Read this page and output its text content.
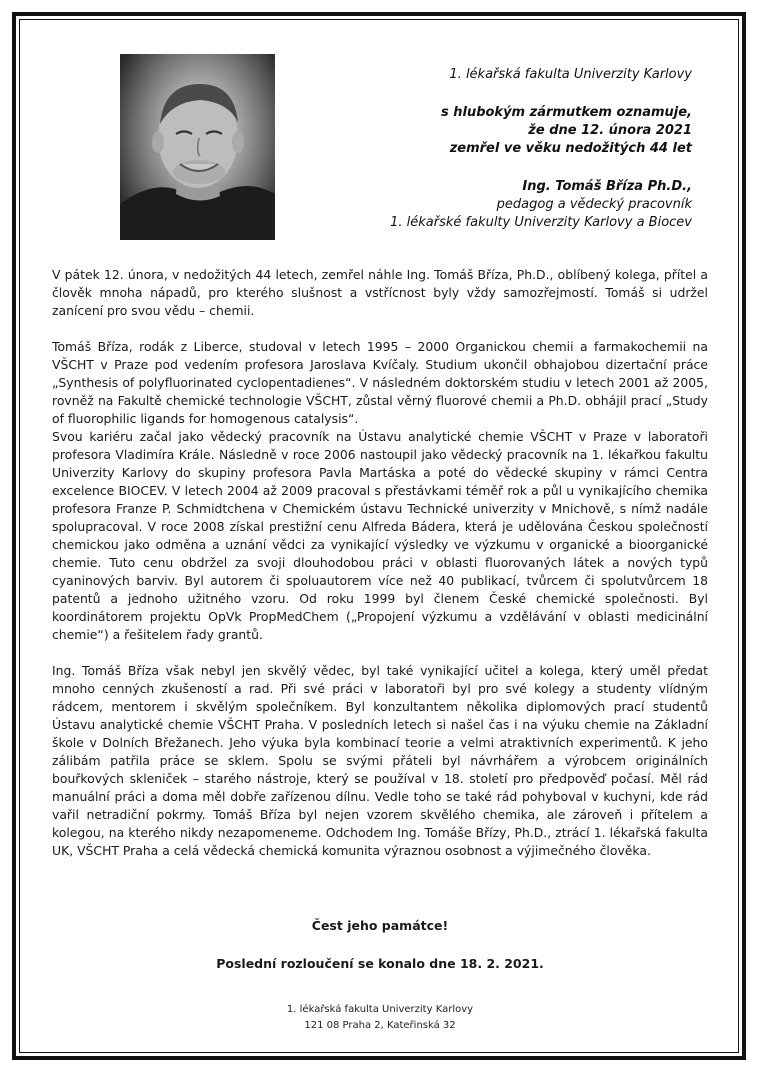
1. lékařská fakulta Univerzity Karlovy
s hlubokým zármutkem oznamuje,
že dne 12. února 2021
zemřel ve věku nedožitých 44 let
Ing. Tomáš Bříza Ph.D.,
pedagog a vědecký pracovník
1. lékařské fakulty Univerzity Karlovy a Biocev

V pátek 12. února, v nedožitých 44 letech, zemřel náhle Ing. Tomáš Bříza, Ph.D., oblíbený kolega, přítel a člověk mnoha nápadů, pro kterého slušnost a vstřícnost byly vždy samozřejmostí. Tomáš si udržel zanícení pro svou vědu – chemii.

Tomáš Bříza, rodák z Liberce, studoval v letech 1995 – 2000 Organickou chemii a farmakochemii na VŠCHT v Praze pod vedením profesora Jaroslava Kvíčaly. Studium ukončil obhajobou dizertační práce „Synthesis of polyfluorinated cyclopentadienes“. V následném doktorském studiu v letech 2001 až 2005, rovněž na Fakultě chemické technologie VŠCHT, zůstal věrný fluorové chemii a Ph.D. obhájil prací „Study of fluorophilic ligands for homogenous catalysis“.

Svou kariéru začal jako vědecký pracovník na Ústavu analytické chemie VŠCHT v Praze v laboratoři profesora Vladimíra Krále. Následně v roce 2006 nastoupil jako vědecký pracovník na 1. lékařkou fakultu Univerzity Karlovy do skupiny profesora Pavla Martáska a poté do vědecké skupiny v rámci Centra excelence BIOCEV. V letech 2004 až 2009 pracoval s přestávkami téměř rok a půl u vynikajícího chemika profesora Franze P. Schmidtchena v Chemickém ústavu Technické univerzity v Mnichově, s nímž nadále spolupracoval. V roce 2008 získal prestižní cenu Alfreda Bádera, která je udělována Českou společností chemickou jako odměna a uznání vědci za vynikající výsledky ve výzkumu v organické a bioorganické chemie. Tuto cenu obdržel za svoji dlouhodobou práci v oblasti fluorovaných látek a nových typů cyaninových barviv. Byl autorem či spoluautorem více než 40 publikací, tvůrcem či spolutvůrcem 18 patentů a jednoho užitného vzoru. Od roku 1999 byl členem České chemické společnosti. Byl koordinátorem projektu OpVk PropMedChem („Propojení výzkumu a vzdělávání v oblasti medicinální chemie“) a řešitelem řady grantů.

Ing. Tomáš Bříza však nebyl jen skvělý vědec, byl také vynikající učitel a kolega, který uměl předat mnoho cenných zkušeností a rad. Při své práci v laboratoři byl pro své kolegy a studenty vlídným rádcem, mentorem i skvělým společníkem. Byl konzultantem několika diplomových prací studentů Ústavu analytické chemie VŠCHT Praha. V posledních letech si našel čas i na výuku chemie na Základní škole v Dolních Břežanech. Jeho výuka byla kombinací teorie a velmi atraktivních experimentů. K jeho zálibám patřila práce se sklem. Spolu se svými přáteli byl návrhářem a výrobcem originálních bouřkových skleniček – starého nástroje, který se používal v 18. století pro předpověď počasí. Měl rád manuální práci a doma měl dobře zařízenou dílnu. Vedle toho se také rád pohyboval v kuchyni, kde rád vařil netradiční pokrmy. Tomáš Bříza byl nejen vzorem skvělého chemika, ale zároveň i přítelem a kolegou, na kterého nikdy nezapomeneme. Odchodem Ing. Tomáše Břízy, Ph.D., ztrácí 1. lékařská fakulta UK, VŠCHT Praha a celá vědecká chemická komunita výraznou osobnost a výjimečného člověka.

Čest jeho památce!
Poslední rozloučení se konalo dne 18. 2. 2021.
1. lékařská fakulta Univerzity Karlovy
121 08 Praha 2, Kateřinská 32
